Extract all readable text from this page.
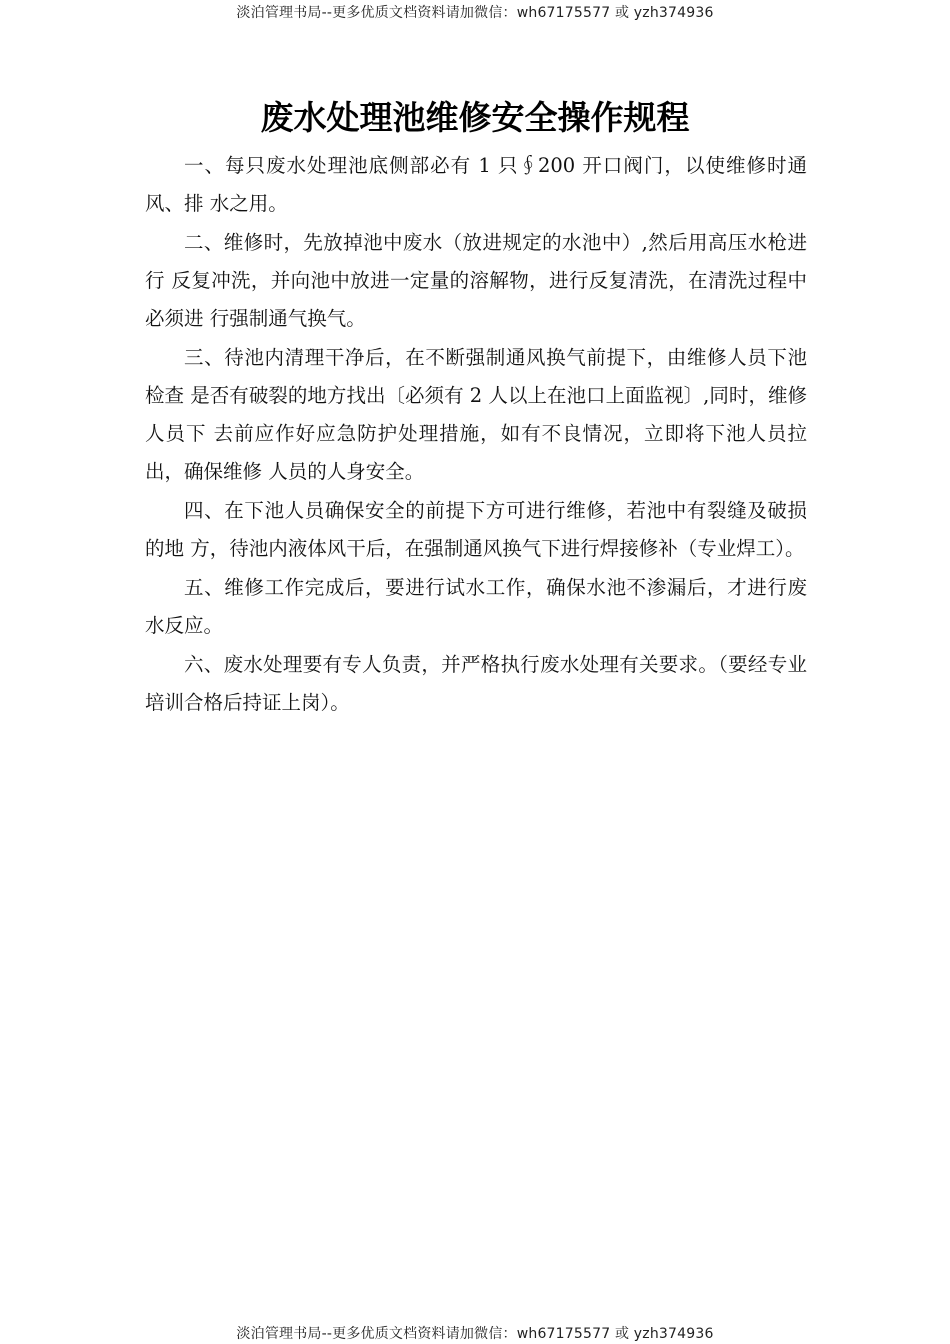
淡泊管理书局--更多优质文档资料请加微信：wh67175577 或 yzh374936
废水处理池维修安全操作规程

一、每只废水处理池底侧部必有 1 只∮200 开口阀门，以使维修时通风、排 水之用。

二、维修时，先放掉池中废水（放进规定的水池中）,然后用高压水枪进行 反复冲洗，并向池中放进一定量的溶解物，进行反复清洗，在清洗过程中必须进 行强制通气换气。

三、待池内清理干净后，在不断强制通风换气前提下，由维修人员下池检查 是否有破裂的地方找出〔必须有 2 人以上在池口上面监视〕,同时，维修人员下 去前应作好应急防护处理措施，如有不良情况，立即将下池人员拉出，确保维修 人员的人身安全。

四、在下池人员确保安全的前提下方可进行维修，若池中有裂缝及破损的地 方，待池内液体风干后，在强制通风换气下进行焊接修补（专业焊工）。

五、维修工作完成后，要进行试水工作，确保水池不渗漏后，才进行废水反应。

六、废水处理要有专人负责，并严格执行废水处理有关要求。（要经专业培训合格后持证上岗）。

淡泊管理书局--更多优质文档资料请加微信：wh67175577 或 yzh374936
